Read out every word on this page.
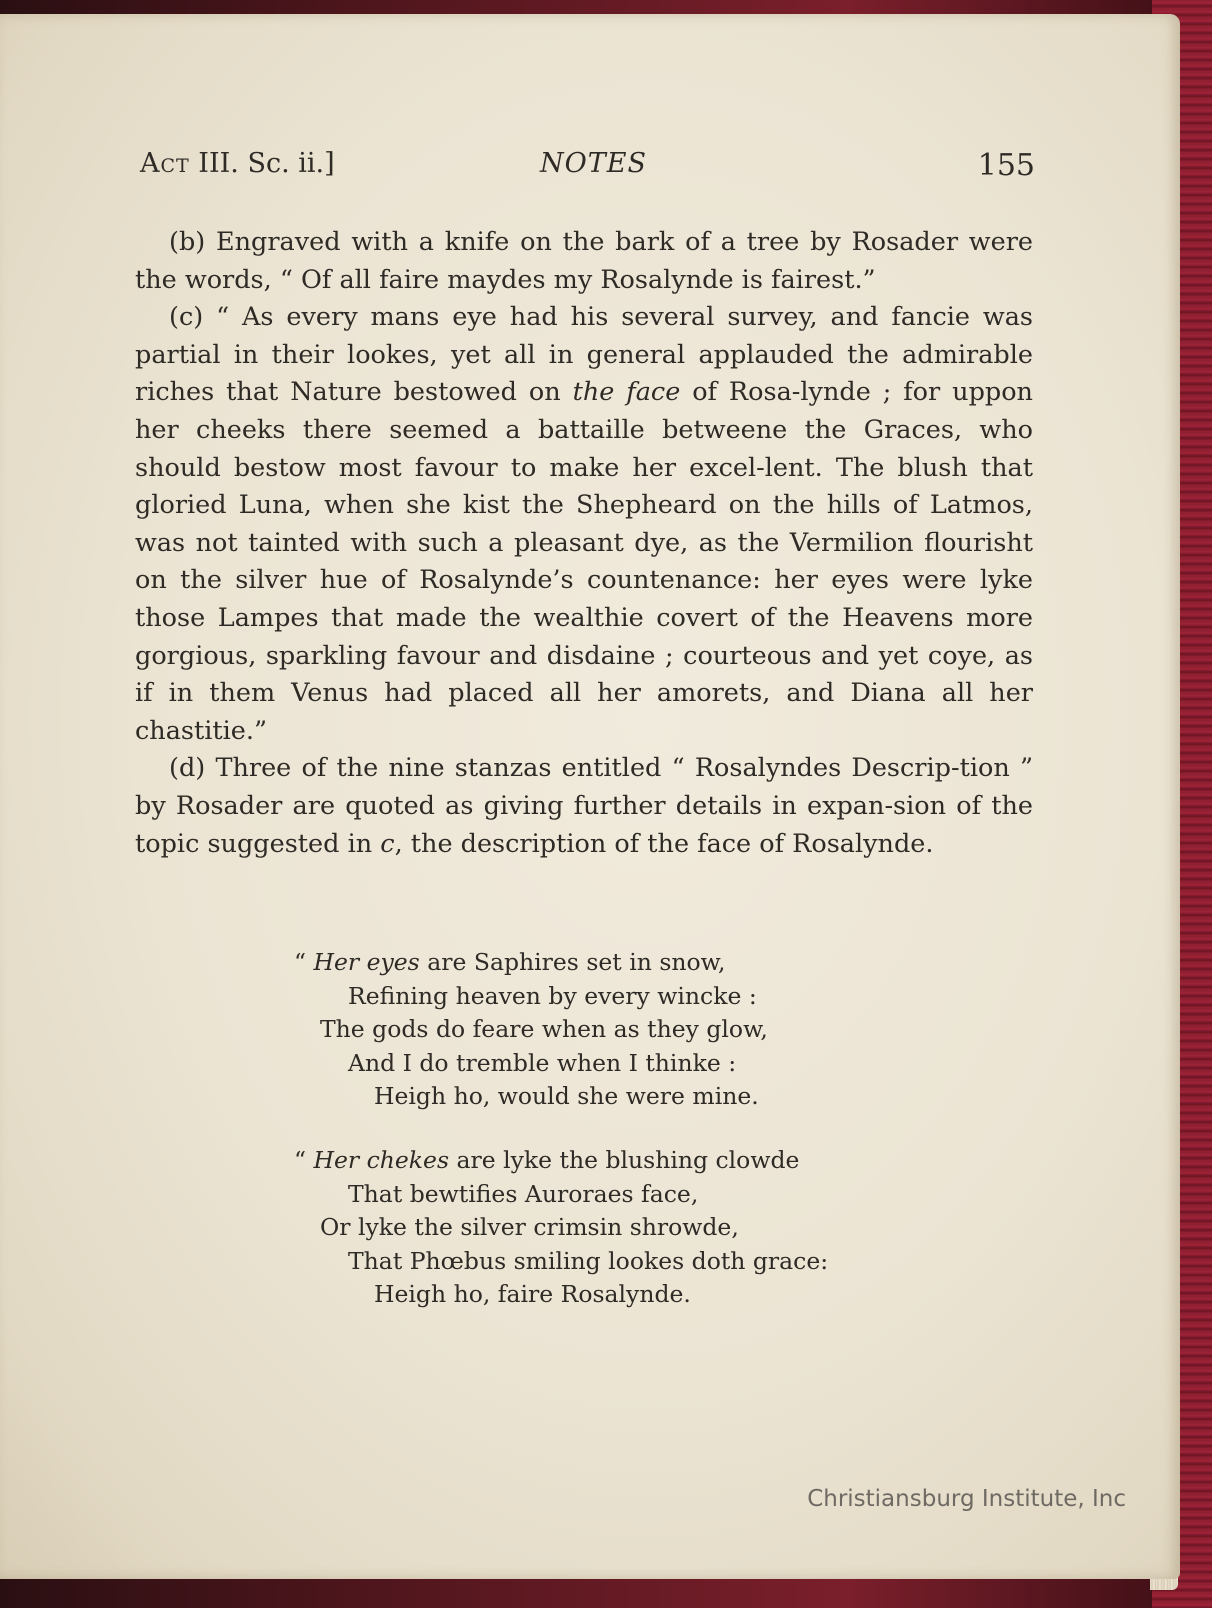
Act III. Sc. ii.]	NOTES	155

(b) Engraved with a knife on the bark of a tree by Rosader were the words, “ Of all faire maydes my Rosalynde is fairest.”

(c) “ As every mans eye had his several survey, and fancie was partial in their lookes, yet all in general applauded the admirable riches that Nature bestowed on the face of Rosa-lynde ; for uppon her cheeks there seemed a battaille betweene the Graces, who should bestow most favour to make her excel-lent. The blush that gloried Luna, when she kist the Shepheard on the hills of Latmos, was not tainted with such a pleasant dye, as the Vermilion flourisht on the silver hue of Rosalynde’s countenance: her eyes were lyke those Lampes that made the wealthie covert of the Heavens more gorgious, sparkling favour and disdaine ; courteous and yet coye, as if in them Venus had placed all her amorets, and Diana all her chastitie.”

(d) Three of the nine stanzas entitled “ Rosalyndes Descrip-tion ” by Rosader are quoted as giving further details in expan-sion of the topic suggested in c, the description of the face of Rosalynde.

“ Her eyes are Saphires set in snow,
Refining heaven by every wincke :
The gods do feare when as they glow,
And I do tremble when I thinke :
Heigh ho, would she were mine.
“ Her chekes are lyke the blushing clowde
That bewtifies Auroraes face,
Or lyke the silver crimsin shrowde,
That Phœbus smiling lookes doth grace:
Heigh ho, faire Rosalynde.
Christiansburg Institute, Inc
